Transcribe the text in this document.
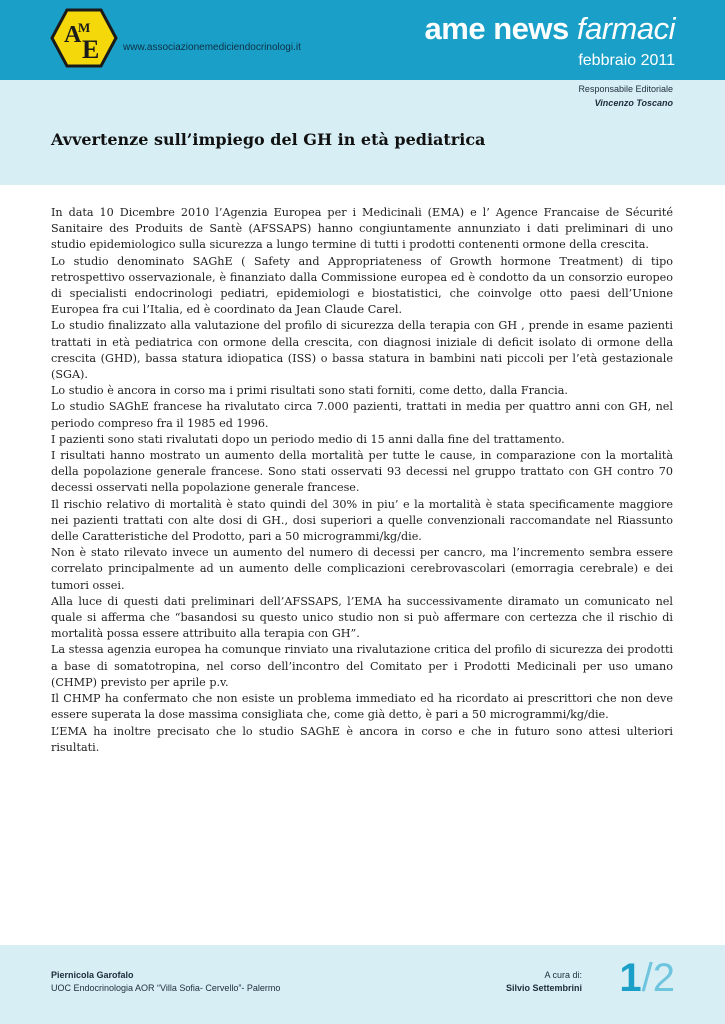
A
M
E www.associazionemediciendocrinologi.it
ame news farmaci
febbraio 2011
Responsabile Editoriale
Vincenzo Toscano
Avvertenze sull’impiego del GH in età pediatrica

In data 10 Dicembre 2010 l’Agenzia Europea per i Medicinali (EMA) e l’ Agence Francaise de Sécurité Sanitaire des Produits de Santè (AFSSAPS) hanno congiuntamente annunziato i dati preliminari di uno studio epidemiologico sulla sicurezza a lungo termine di tutti i prodotti contenenti ormone della crescita.

Lo studio denominato SAGhE ( Safety and Appropriateness of Growth hormone Treatment) di tipo retrospettivo osservazionale, è finanziato dalla Commissione europea ed è condotto da un consorzio europeo di specialisti endocrinologi pediatri, epidemiologi e biostatistici, che coinvolge otto paesi dell’Unione Europea fra cui l’Italia, ed è coordinato da Jean Claude Carel.

Lo studio finalizzato alla valutazione del profilo di sicurezza della terapia con GH , prende in esame pazienti trattati in età pediatrica con ormone della crescita, con diagnosi iniziale di deficit isolato di ormone della crescita (GHD), bassa statura idiopatica (ISS) o bassa statura in bambini nati piccoli per l’età gestazionale (SGA).

Lo studio è ancora in corso ma i primi risultati sono stati forniti, come detto, dalla Francia.

Lo studio SAGhE francese ha rivalutato circa 7.000 pazienti, trattati in media per quattro anni con GH, nel periodo compreso fra il 1985 ed 1996.

I pazienti sono stati rivalutati dopo un periodo medio di 15 anni dalla fine del trattamento.

I risultati hanno mostrato un aumento della mortalità per tutte le cause, in comparazione con la mortalità della popolazione generale francese. Sono stati osservati 93 decessi nel gruppo trattato con GH contro 70 decessi osservati nella popolazione generale francese.

Il rischio relativo di mortalità è stato quindi del 30% in piu’ e la mortalità è stata specificamente maggiore nei pazienti trattati con alte dosi di GH., dosi superiori a quelle convenzionali raccomandate nel Riassunto delle Caratteristiche del Prodotto, pari a 50 microgrammi/kg/die.

Non è stato rilevato invece un aumento del numero di decessi per cancro, ma l’incremento sembra essere correlato principalmente ad un aumento delle complicazioni cerebrovascolari (emorragia cerebrale) e dei tumori ossei.

Alla luce di questi dati preliminari dell’AFSSAPS, l’EMA ha successivamente diramato un comunicato nel quale si afferma che “basandosi su questo unico studio non si può affermare con certezza che il rischio di mortalità possa essere attribuito alla terapia con GH”.

La stessa agenzia europea ha comunque rinviato una rivalutazione critica del profilo di sicurezza dei prodotti a base di somatotropina, nel corso dell’incontro del Comitato per i Prodotti Medicinali per uso umano (CHMP) previsto per aprile p.v.

Il CHMP ha confermato che non esiste un problema immediato ed ha ricordato ai prescrittori che non deve essere superata la dose massima consigliata che, come già detto, è pari a 50 microgrammi/kg/die.

L’EMA ha inoltre precisato che lo studio SAGhE è ancora in corso e che in futuro sono attesi ulteriori risultati.

Piernicola Garofalo
UOC Endocrinologia AOR “Villa Sofia- Cervello”- Palermo
A cura di:
Silvio Settembrini 1/2
